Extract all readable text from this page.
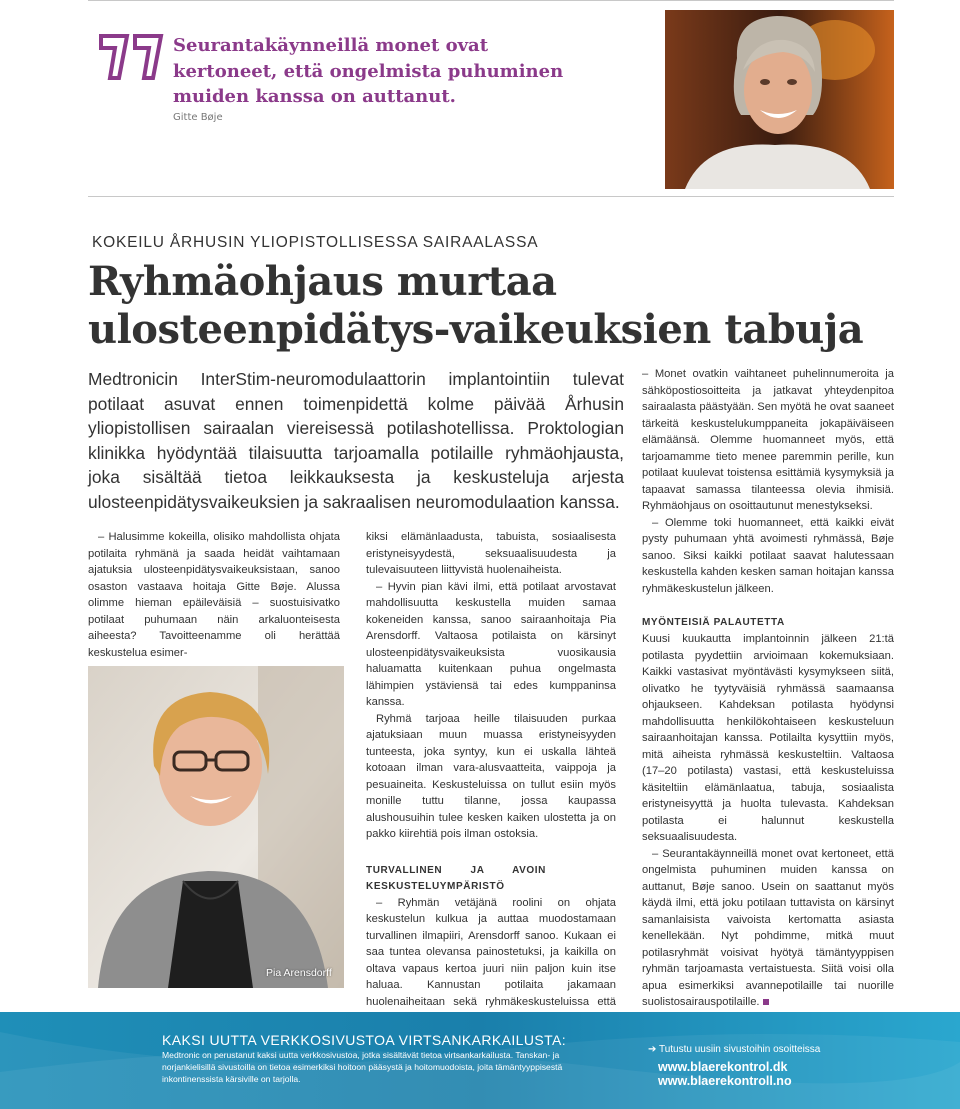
Seurantakäynneillä monet ovat kertoneet, että ongelmista puhuminen muiden kanssa on auttanut.
Gitte Bøje
KOKEILU ÅRHUSIN YLIOPISTOLLISESSA SAIRAALASSA
Ryhmäohjaus murtaa ulosteenpidätys-vaikeuksien tabuja
Medtronicin InterStim-neuromodulaattorin implantointiin tulevat potilaat asuvat ennen toimenpidettä kolme päivää Århusin yliopistollisen sairaalan viereisessä potilashotellissa. Proktologian klinikka hyödyntää tilaisuutta tarjoamalla potilaille ryhmäohjausta, joka sisältää tietoa leikkauksesta ja keskusteluja arjesta ulosteenpidätysvaikeuksien ja sakraalisen neuromodulaation kanssa.

– Halusimme kokeilla, olisiko mahdollista ohjata potilaita ryhmänä ja saada heidät vaihtamaan ajatuksia ulosteenpidätysvaikeuksistaan, sanoo osaston vastaava hoitaja Gitte Bøje. Alussa olimme hieman epäileväisiä – suostuisivatko potilaat puhumaan näin arkaluonteisesta aiheesta? Tavoitteenamme oli herättää keskustelua esimer-

Pia Arensdorff

kiksi elämänlaadusta, tabuista, sosiaalisesta eristyneisyydestä, seksuaalisuudesta ja tulevaisuuteen liittyvistä huolenaiheista.

– Hyvin pian kävi ilmi, että potilaat arvostavat mahdollisuutta keskustella muiden samaa kokeneiden kanssa, sanoo sairaanhoitaja Pia Arensdorff. Valtaosa potilaista on kärsinyt ulosteenpidätysvaikeuksista vuosikausia haluamatta kuitenkaan puhua ongelmasta lähimpien ystäviensä tai edes kumppaninsa kanssa.

Ryhmä tarjoaa heille tilaisuuden purkaa ajatuksiaan muun muassa eristyneisyyden tunteesta, joka syntyy, kun ei uskalla lähteä kotoaan ilman vara-alusvaatteita, vaippoja ja pesuaineita. Keskusteluissa on tullut esiin myös monille tuttu tilanne, jossa kaupassa alushousuihin tulee kesken kaiken ulostetta ja on pakko kiirehtiä pois ilman ostoksia.

TURVALLINEN JA AVOIN KESKUSTELUYMPÄRISTÖ

– Ryhmän vetäjänä roolini on ohjata keskustelun kulkua ja auttaa muodostamaan turvallinen ilmapiiri, Arensdorff sanoo. Kukaan ei saa tuntea olevansa painostetuksi, ja kaikilla on oltava vapaus kertoa juuri niin paljon kuin itse haluaa. Kannustan potilaita jakamaan huolenaiheitaan sekä ryhmäkeskusteluissa että

– Monet ovatkin vaihtaneet puhelinnumeroita ja sähköpostiosoitteita ja jatkavat yhteydenpitoa sairaalasta päästyään. Sen myötä he ovat saaneet tärkeitä keskustelukumppaneita jokapäiväiseen elämäänsä. Olemme huomanneet myös, että tarjoamamme tieto menee paremmin perille, kun potilaat kuulevat toistensa esittämiä kysymyksiä ja tapaavat samassa tilanteessa olevia ihmisiä. Ryhmäohjaus on osoittautunut menestykseksi.

– Olemme toki huomanneet, että kaikki eivät pysty puhumaan yhtä avoimesti ryhmässä, Bøje sanoo. Siksi kaikki potilaat saavat halutessaan keskustella kahden kesken saman hoitajan kanssa ryhmäkeskustelun jälkeen.

MYÖNTEISIÄ PALAUTETTA

Kuusi kuukautta implantoinnin jälkeen 21:tä potilasta pyydettiin arvioimaan kokemuksiaan. Kaikki vastasivat myöntävästi kysymykseen siitä, olivatko he tyytyväisiä ryhmässä saamaansa ohjaukseen. Kahdeksan potilasta hyödynsi mahdollisuutta henkilökohtaiseen keskusteluun sairaanhoitajan kanssa. Potilailta kysyttiin myös, mitä aiheista ryhmässä keskusteltiin. Valtaosa (17–20 potilasta) vastasi, että keskusteluissa käsiteltiin elämänlaatua, tabuja, sosiaalista eristyneisyyttä ja huolta tulevasta. Kahdeksan potilasta ei halunnut keskustella seksuaalisuudesta.

– Seurantakäynneillä monet ovat kertoneet, että ongelmista puhuminen muiden kanssa on auttanut, Bøje sanoo. Usein on saattanut myös käydä ilmi, että joku potilaan tuttavista on kärsinyt samanlaisista vaivoista kertomatta asiasta kenellekään. Nyt pohdimme, mitkä muut potilasryhmät voisivat hyötyä tämäntyyppisen ryhmän tarjoamasta vertaistuesta. Siitä voisi olla apua esimerkiksi avannepotilaille tai nuorille suolistosairauspotilaille.

KAKSI UUTTA VERKKOSIVUSTOA VIRTSANKARKAILUSTA:
Medtronic on perustanut kaksi uutta verkkosivustoa, jotka sisältävät tietoa virtsankarkailusta. Tanskan- ja norjankielisillä sivustoilla on tietoa esimerkiksi hoitoon pääsystä ja hoitomuodoista, joita tämäntyyppisestä inkontinenssista kärsiville on tarjolla.
➔ Tutustu uusiin sivustoihin osoitteissa
www.blaerekontrol.dk
www.blaerekontroll.no
